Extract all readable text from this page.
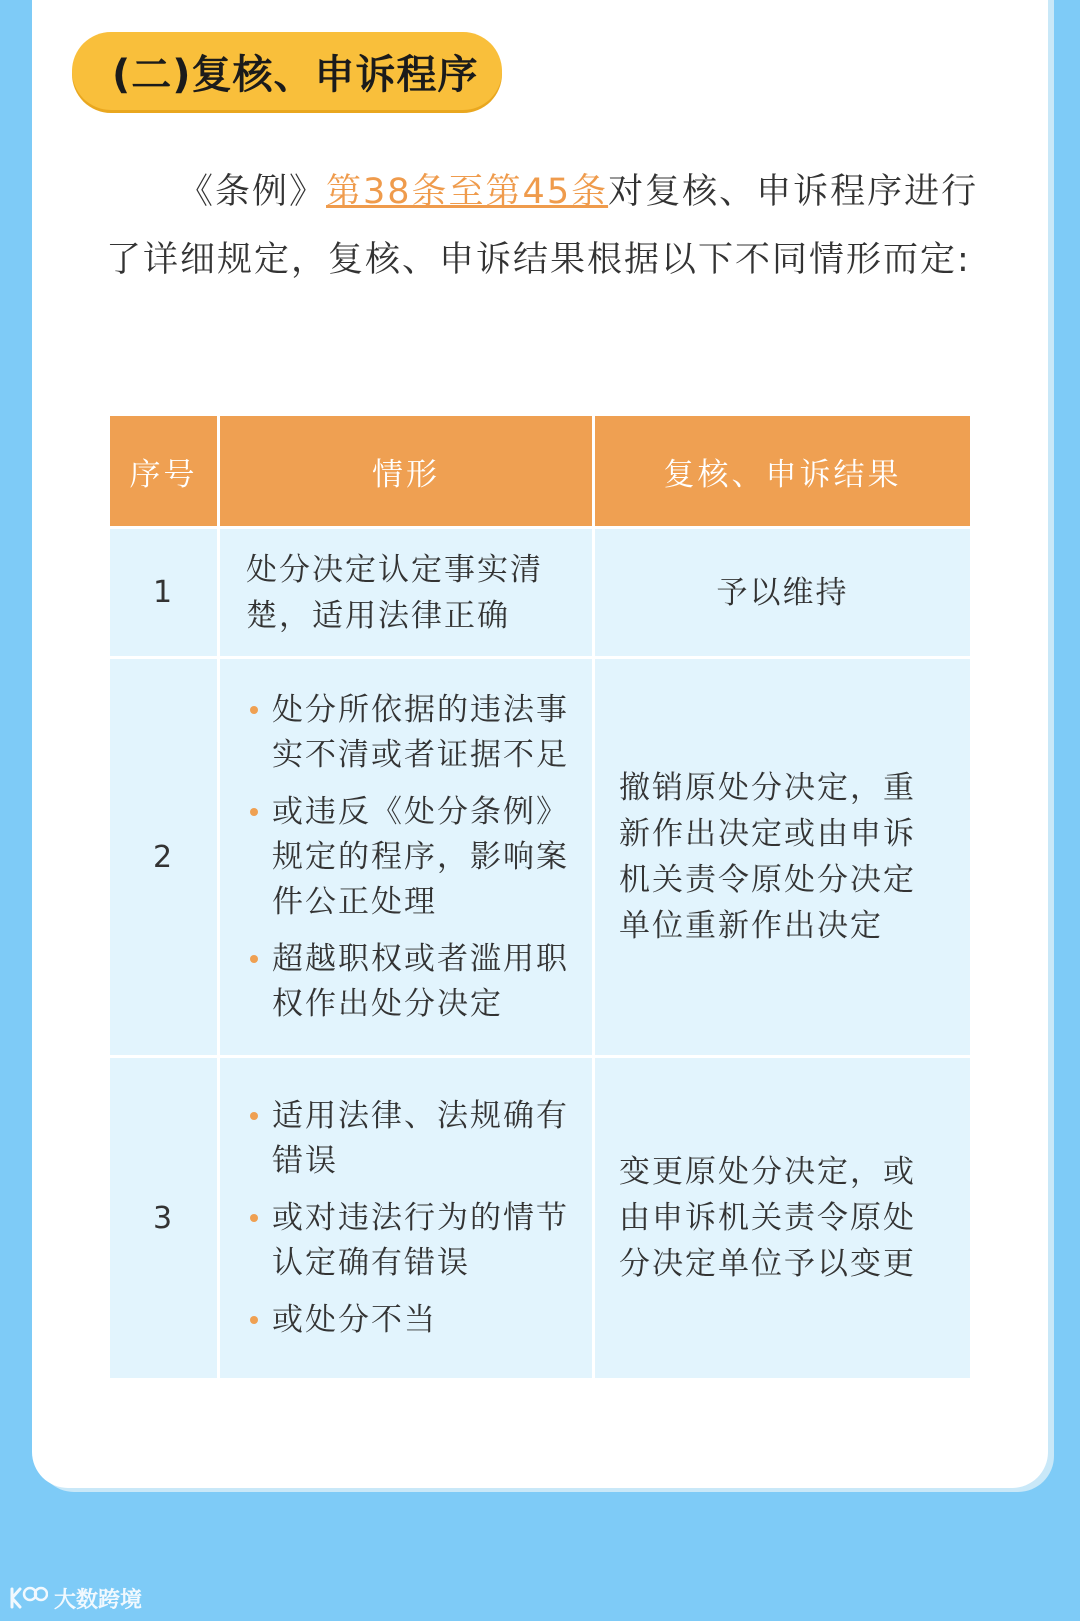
(二)复核、申诉程序

《条例》第38条至第45条对复核、申诉程序进行了详细规定，复核、申诉结果根据以下不同情形而定:

序号	情形	复核、申诉结果
1
处分决定认定事实清楚，适用法律正确
予以维持
2
处分所依据的违法事实不清或者证据不足
或违反《处分条例》规定的程序，影响案件公正处理
超越职权或者滥用职权作出处分决定
撤销原处分决定，重新作出决定或由申诉机关责令原处分决定单位重新作出决定
3
适用法律、法规确有错误
或对违法行为的情节认定确有错误
或处分不当
变更原处分决定，或由申诉机关责令原处分决定单位予以变更
大数跨境
